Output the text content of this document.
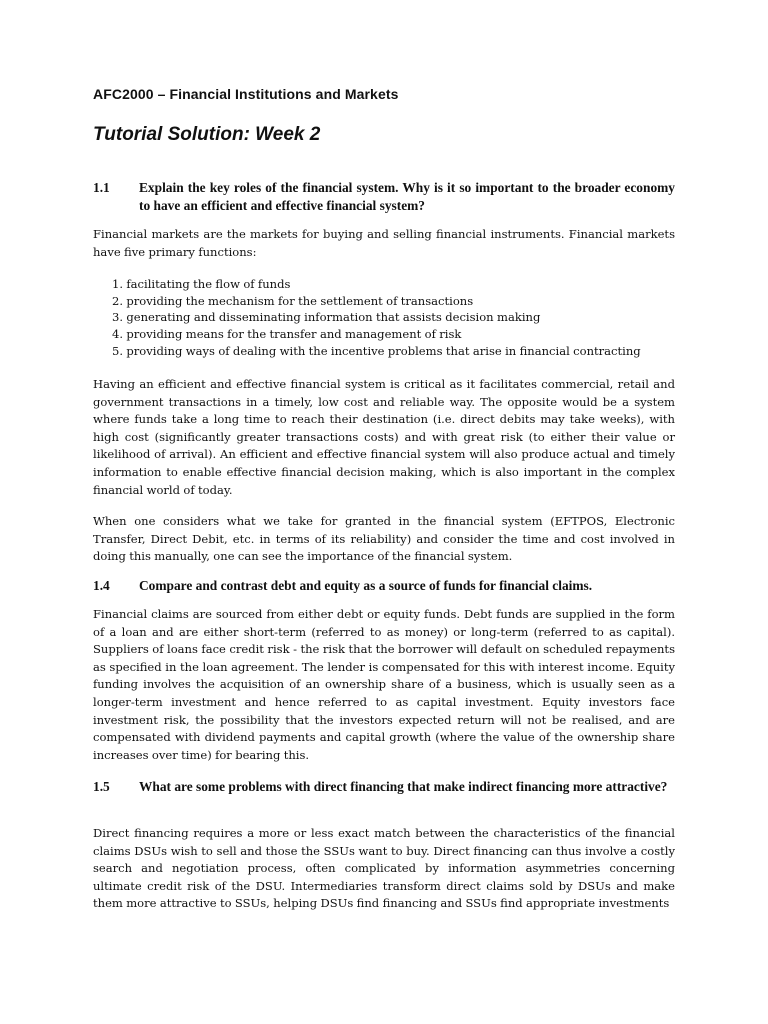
AFC2000 – Financial Institutions and Markets
Tutorial Solution: Week 2
1.1 Explain the key roles of the financial system. Why is it so important to the broader economy to have an efficient and effective financial system?
Financial markets are the markets for buying and selling financial instruments. Financial markets have five primary functions:
1. facilitating the flow of funds
2. providing the mechanism for the settlement of transactions
3. generating and disseminating information that assists decision making
4. providing means for the transfer and management of risk
5. providing ways of dealing with the incentive problems that arise in financial contracting
Having an efficient and effective financial system is critical as it facilitates commercial, retail and government transactions in a timely, low cost and reliable way. The opposite would be a system where funds take a long time to reach their destination (i.e. direct debits may take weeks), with high cost (significantly greater transactions costs) and with great risk (to either their value or likelihood of arrival). An efficient and effective financial system will also produce actual and timely information to enable effective financial decision making, which is also important in the complex financial world of today.
When one considers what we take for granted in the financial system (EFTPOS, Electronic Transfer, Direct Debit, etc. in terms of its reliability) and consider the time and cost involved in doing this manually, one can see the importance of the financial system.
1.4 Compare and contrast debt and equity as a source of funds for financial claims.
Financial claims are sourced from either debt or equity funds. Debt funds are supplied in the form of a loan and are either short-term (referred to as money) or long-term (referred to as capital). Suppliers of loans face credit risk - the risk that the borrower will default on scheduled repayments as specified in the loan agreement. The lender is compensated for this with interest income. Equity funding involves the acquisition of an ownership share of a business, which is usually seen as a longer-term investment and hence referred to as capital investment. Equity investors face investment risk, the possibility that the investors expected return will not be realised, and are compensated with dividend payments and capital growth (where the value of the ownership share increases over time) for bearing this.
1.5 What are some problems with direct financing that make indirect financing more attractive?
Direct financing requires a more or less exact match between the characteristics of the financial claims DSUs wish to sell and those the SSUs want to buy. Direct financing can thus involve a costly search and negotiation process, often complicated by information asymmetries concerning ultimate credit risk of the DSU. Intermediaries transform direct claims sold by DSUs and make them more attractive to SSUs, helping DSUs find financing and SSUs find appropriate investments
